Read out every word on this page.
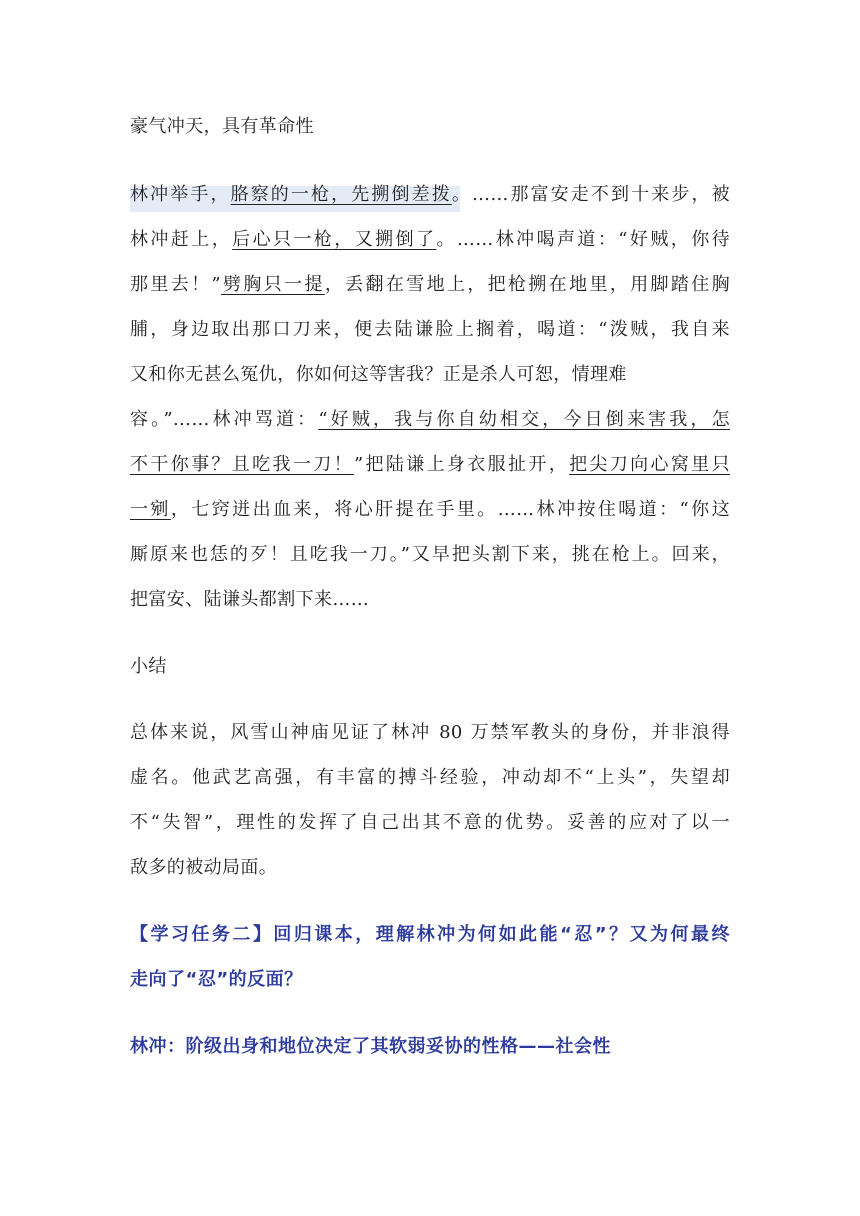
豪气冲天，具有革命性
林冲举手，胳察的一枪，先搠倒差拨。……那富安走不到十来步，被
林冲赶上，后心只一枪，又搠倒了。……林冲喝声道：“好贼，你待
那里去！”劈胸只一提，丢翻在雪地上，把枪搠在地里，用脚踏住胸
脯，身边取出那口刀来，便去陆谦脸上搁着，喝道：“泼贼，我自来
又和你无甚么冤仇，你如何这等害我？正是杀人可恕，情理难
容。”……林冲骂道：“好贼，我与你自幼相交，今日倒来害我，怎
不干你事？且吃我一刀！”把陆谦上身衣服扯开，把尖刀向心窝里只
一剜，七窍迸出血来，将心肝提在手里。……林冲按住喝道：“你这
厮原来也恁的歹！且吃我一刀。”又早把头割下来，挑在枪上。回来，
把富安、陆谦头都割下来……
小结
总体来说，风雪山神庙见证了林冲 80 万禁军教头的身份，并非浪得
虚名。他武艺高强，有丰富的搏斗经验，冲动却不“上头”，失望却
不“失智”，理性的发挥了自己出其不意的优势。妥善的应对了以一
敌多的被动局面。
【学习任务二】回归课本，理解林冲为何如此能“忍”？又为何最终
走向了“忍”的反面？
林冲：阶级出身和地位决定了其软弱妥协的性格——社会性
